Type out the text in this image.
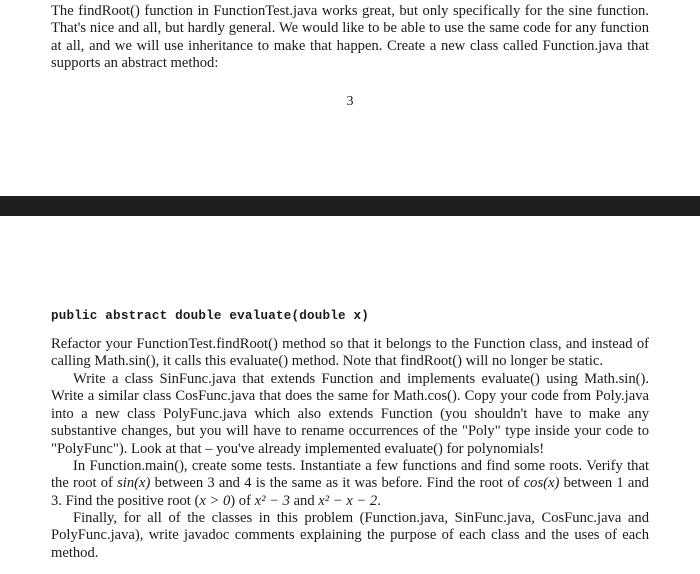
The findRoot() function in FunctionTest.java works great, but only specifically for the sine function. That's nice and all, but hardly general. We would like to be able to use the same code for any function at all, and we will use inheritance to make that happen. Create a new class called Function.java that supports an abstract method:

3
public abstract double evaluate(double x)

Refactor your FunctionTest.findRoot() method so that it belongs to the Function class, and instead of calling Math.sin(), it calls this evaluate() method. Note that findRoot() will no longer be static.

Write a class SinFunc.java that extends Function and implements evaluate() using Math.sin(). Write a similar class CosFunc.java that does the same for Math.cos(). Copy your code from Poly.java into a new class PolyFunc.java which also extends Function (you shouldn't have to make any substantive changes, but you will have to rename occurrences of the "Poly" type inside your code to "PolyFunc"). Look at that – you've already implemented evaluate() for polynomials!

In Function.main(), create some tests. Instantiate a few functions and find some roots. Verify that the root of sin(x) between 3 and 4 is the same as it was before. Find the root of cos(x) between 1 and 3. Find the positive root (x > 0) of x² − 3 and x² − x − 2.

Finally, for all of the classes in this problem (Function.java, SinFunc.java, CosFunc.java and PolyFunc.java), write javadoc comments explaining the purpose of each class and the uses of each method.
